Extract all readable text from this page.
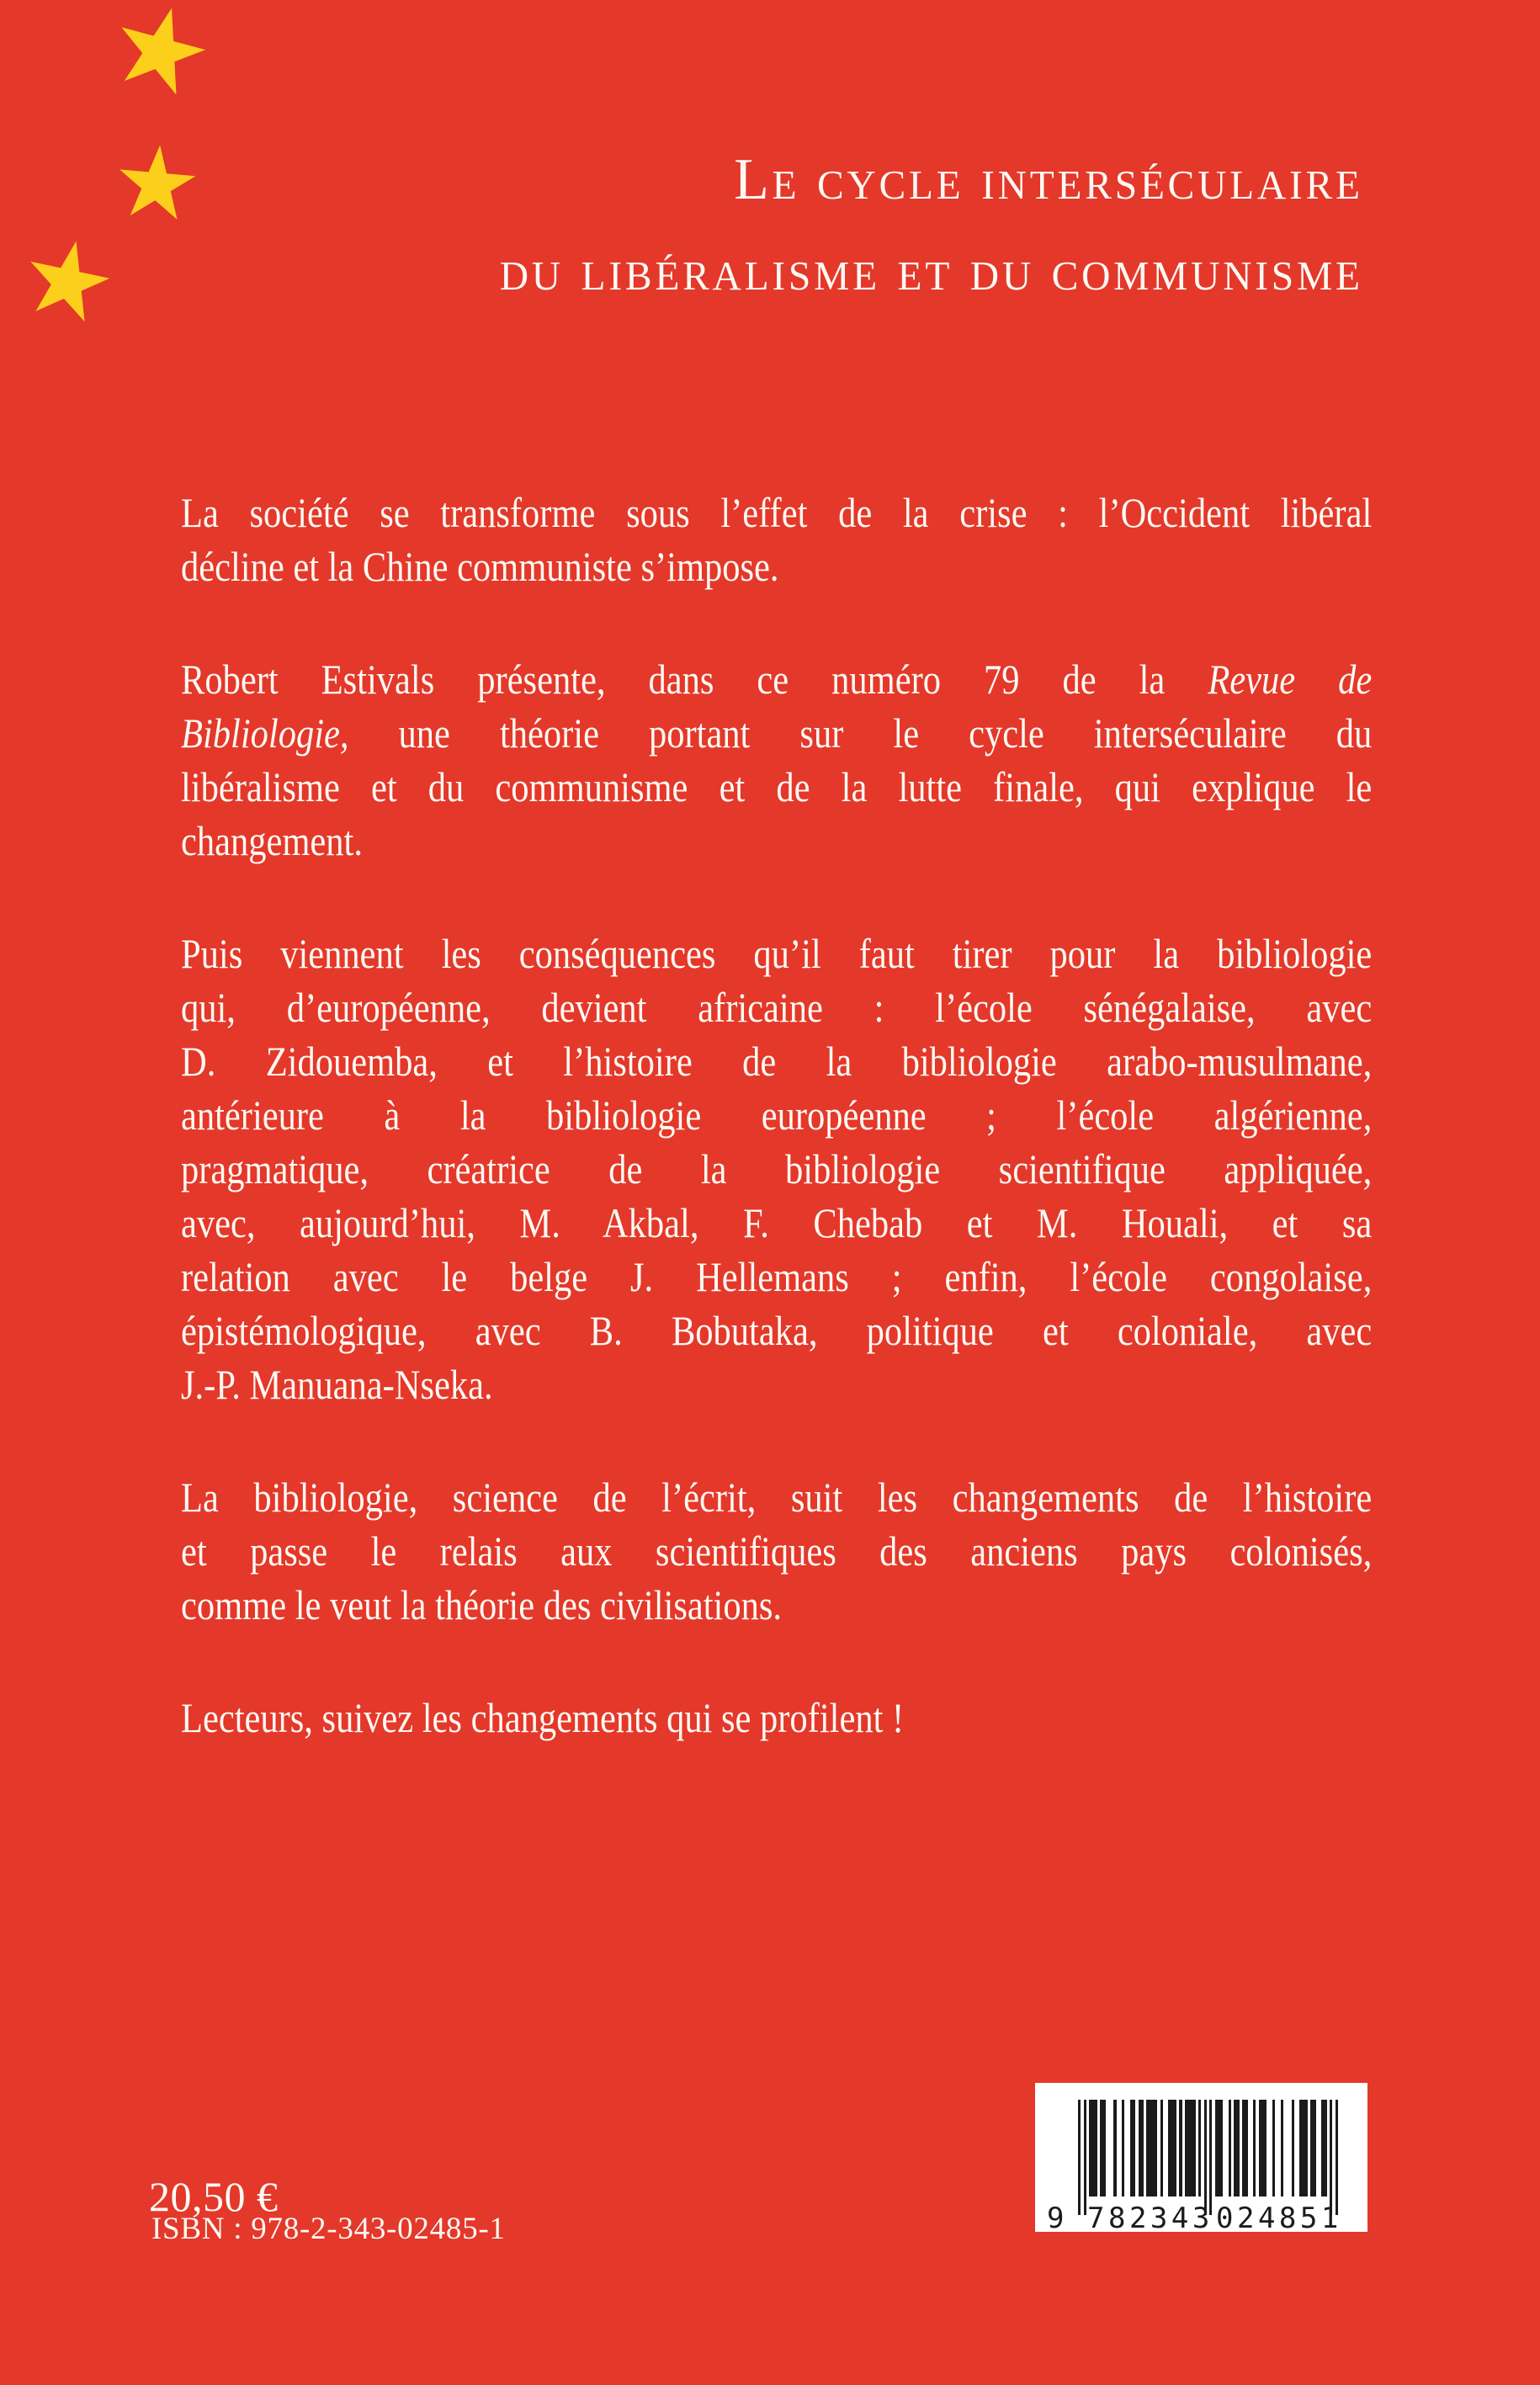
Le cycle interséculaire
du libéralisme et du communisme
La société se transforme sous l’effet de la crise : l’Occident libéral
décline et la Chine communiste s’impose.
Robert Estivals présente, dans ce numéro 79 de la Revue de
Bibliologie, une théorie portant sur le cycle interséculaire du
libéralisme et du communisme et de la lutte finale, qui explique le
changement.
Puis viennent les conséquences qu’il faut tirer pour la bibliologie
qui, d’européenne, devient africaine : l’école sénégalaise, avec
D. Zidouemba, et l’histoire de la bibliologie arabo-musulmane,
antérieure à la bibliologie européenne ; l’école algérienne,
pragmatique, créatrice de la bibliologie scientifique appliquée,
avec, aujourd’hui, M. Akbal, F. Chebab et M. Houali, et sa
relation avec le belge J. Hellemans ; enfin, l’école congolaise,
épistémologique, avec B. Bobutaka, politique et coloniale, avec
J.-P. Manuana-Nseka.
La bibliologie, science de l’écrit, suit les changements de l’histoire
et passe le relais aux scientifiques des anciens pays colonisés,
comme le veut la théorie des civilisations.
Lecteurs, suivez les changements qui se profilent !
20,50 €
ISBN : 978-2-343-02485-1	9 782343 024851
